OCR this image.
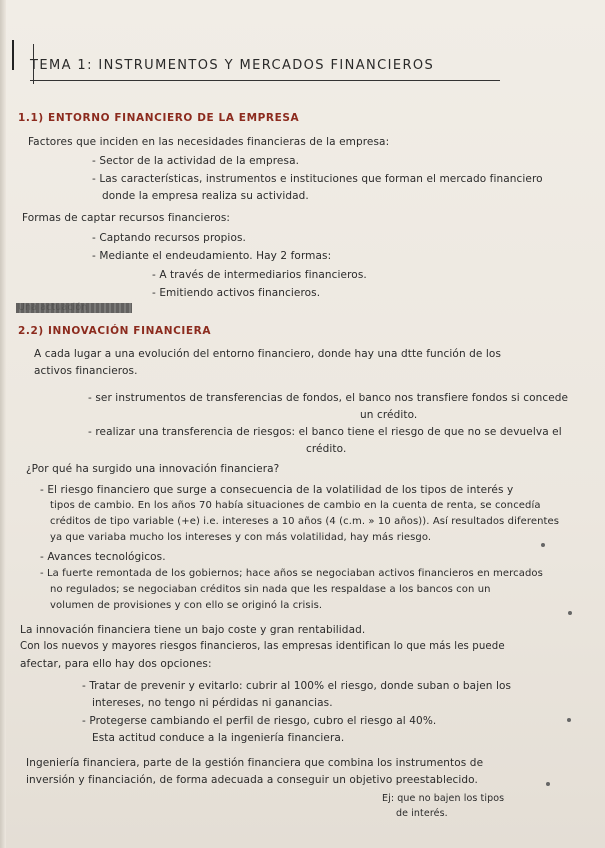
TEMA 1: INSTRUMENTOS Y MERCADOS FINANCIEROS
1.1) ENTORNO FINANCIERO DE LA EMPRESA
Factores que inciden en las necesidades financieras de la empresa:
- Sector de la actividad de la empresa.
- Las características, instrumentos e instituciones que forman el mercado financiero
donde la empresa realiza su actividad.
Formas de captar recursos financieros:
- Captando recursos propios.
- Mediante el endeudamiento. Hay 2 formas:
- A través de intermediarios financieros.
- Emitiendo activos financieros.
Una actuación
2.2) INNOVACIÓN FINANCIERA
A cada lugar a una evolución del entorno financiero, donde hay una dtte función de los
activos financieros.
- ser instrumentos de transferencias de fondos, el banco nos transfiere fondos si concede
un crédito.
- realizar una transferencia de riesgos: el banco tiene el riesgo de que no se devuelva el
crédito.
¿Por qué ha surgido una innovación financiera?
- El riesgo financiero que surge a consecuencia de la volatilidad de los tipos de interés y
tipos de cambio. En los años 70 había situaciones de cambio en la cuenta de renta, se concedía
créditos de tipo variable (+e) i.e. intereses a 10 años (4 (c.m. » 10 años)). Así resultados diferentes
ya que variaba mucho los intereses y con más volatilidad, hay más riesgo.
- Avances tecnológicos.
- La fuerte remontada de los gobiernos; hace años se negociaban activos financieros en mercados
no regulados; se negociaban créditos sin nada que les respaldase a los bancos con un
volumen de provisiones y con ello se originó la crisis.
La innovación financiera tiene un bajo coste y gran rentabilidad.
Con los nuevos y mayores riesgos financieros, las empresas identifican lo que más les puede
afectar, para ello hay dos opciones:
- Tratar de prevenir y evitarlo: cubrir al 100% el riesgo, donde suban o bajen los
intereses, no tengo ni pérdidas ni ganancias.
- Protegerse cambiando el perfil de riesgo, cubro el riesgo al 40%.
Esta actitud conduce a la ingeniería financiera.
Ingeniería financiera, parte de la gestión financiera que combina los instrumentos de
inversión y financiación, de forma adecuada a conseguir un objetivo preestablecido.
Ej: que no bajen los tipos
de interés.
